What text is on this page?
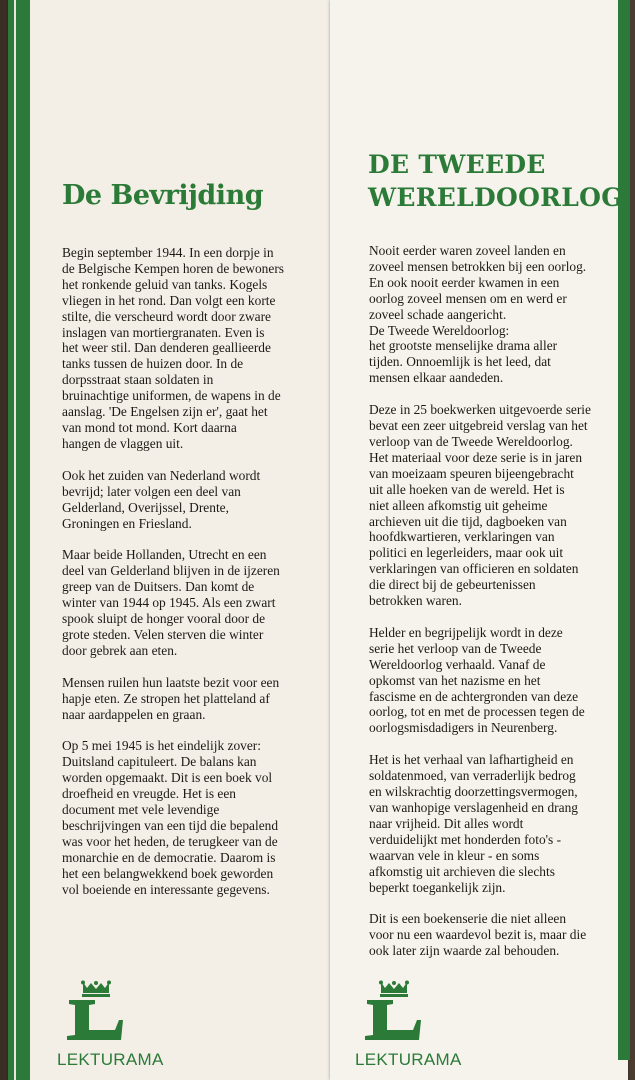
De Bevrijding

Begin september 1944. In een dorpje in
de Belgische Kempen horen de bewoners
het ronkende geluid van tanks. Kogels
vliegen in het rond. Dan volgt een korte
stilte, die verscheurd wordt door zware
inslagen van mortiergranaten. Even is
het weer stil. Dan denderen geallieerde
tanks tussen de huizen door. In de
dorpsstraat staan soldaten in
bruinachtige uniformen, de wapens in de
aanslag. 'De Engelsen zijn er', gaat het
van mond tot mond. Kort daarna
hangen de vlaggen uit.

Ook het zuiden van Nederland wordt
bevrijd; later volgen een deel van
Gelderland, Overijssel, Drente,
Groningen en Friesland.

Maar beide Hollanden, Utrecht en een
deel van Gelderland blijven in de ijzeren
greep van de Duitsers. Dan komt de
winter van 1944 op 1945. Als een zwart
spook sluipt de honger vooral door de
grote steden. Velen sterven die winter
door gebrek aan eten.

Mensen ruilen hun laatste bezit voor een
hapje eten. Ze stropen het platteland af
naar aardappelen en graan.

Op 5 mei 1945 is het eindelijk zover:
Duitsland capituleert. De balans kan
worden opgemaakt. Dit is een boek vol
droefheid en vreugde. Het is een
document met vele levendige
beschrijvingen van een tijd die bepalend
was voor het heden, de terugkeer van de
monarchie en de democratie. Daarom is
het een belangwekkend boek geworden
vol boeiende en interessante gegevens.

LEKTURAMA

DE TWEEDE
WERELDOORLOG

Nooit eerder waren zoveel landen en
zoveel mensen betrokken bij een oorlog.
En ook nooit eerder kwamen in een
oorlog zoveel mensen om en werd er
zoveel schade aangericht.
De Tweede Wereldoorlog:
het grootste menselijke drama aller
tijden. Onnoemlijk is het leed, dat
mensen elkaar aandeden.

Deze in 25 boekwerken uitgevoerde serie
bevat een zeer uitgebreid verslag van het
verloop van de Tweede Wereldoorlog.
Het materiaal voor deze serie is in jaren
van moeizaam speuren bijeengebracht
uit alle hoeken van de wereld. Het is
niet alleen afkomstig uit geheime
archieven uit die tijd, dagboeken van
hoofdkwartieren, verklaringen van
politici en legerleiders, maar ook uit
verklaringen van officieren en soldaten
die direct bij de gebeurtenissen
betrokken waren.

Helder en begrijpelijk wordt in deze
serie het verloop van de Tweede
Wereldoorlog verhaald. Vanaf de
opkomst van het nazisme en het
fascisme en de achtergronden van deze
oorlog, tot en met de processen tegen de
oorlogsmisdadigers in Neurenberg.

Het is het verhaal van lafhartigheid en
soldatenmoed, van verraderlijk bedrog
en wilskrachtig doorzettingsvermogen,
van wanhopige verslagenheid en drang
naar vrijheid. Dit alles wordt
verduidelijkt met honderden foto's -
waarvan vele in kleur - en soms
afkomstig uit archieven die slechts
beperkt toegankelijk zijn.

Dit is een boekenserie die niet alleen
voor nu een waardevol bezit is, maar die
ook later zijn waarde zal behouden.

LEKTURAMA
